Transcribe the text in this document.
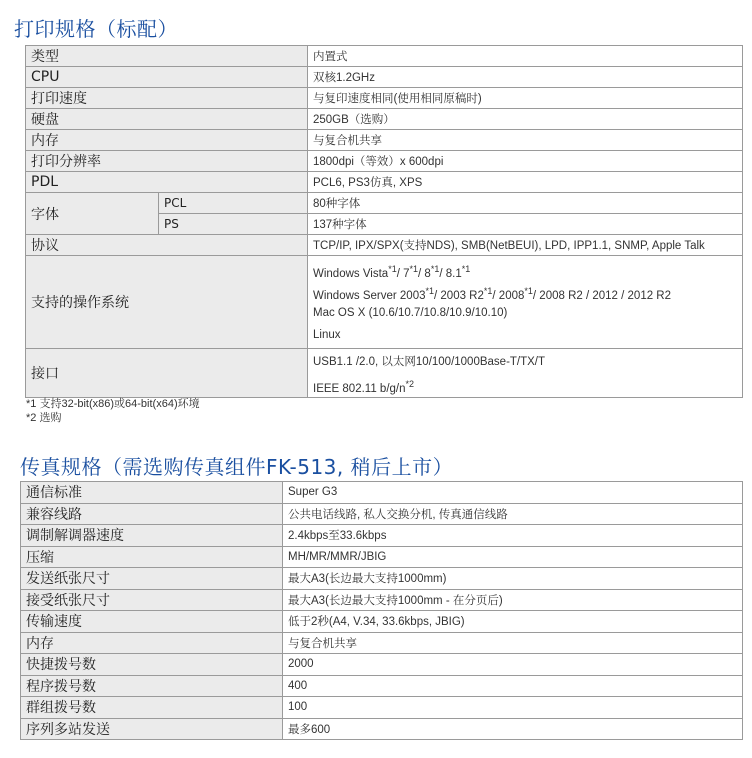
打印规格（标配）
类型		内置式
CPU		双核1.2GHz
打印速度		与复印速度相同(使用相同原稿时)
硬盘		250GB（选购）
内存		与复合机共享
打印分辨率		1800dpi（等效）x 600dpi
PDL		PCL6, PS3仿真, XPS
字体	PCL	80种字体
	PS	137种字体
协议		TCP/IP, IPX/SPX(支持NDS), SMB(NetBEUI), LPD, IPP1.1, SNMP, Apple Talk
支持的操作系统		Windows Vista$^{*1}$/ 7$^{*1}$/ 8$^{*1}$/ 8.1$^{*1}$
Windows Server 2003$^{*1}$/ 2003 R2$^{*1}$/ 2008$^{*1}$/ 2008 R2 / 2012 / 2012 R2
Mac OS X (10.6/10.7/10.8/10.9/10.10)
Linux

接口		USB1.1 /2.0, 以太网10/100/1000Base-T/TX/T
IEEE 802.11 $b/g/n^{*2}$
*1 支持32-bit(x86)或64-bit(x64)环境
*2 选购
传真规格（需选购传真组件FK-513, 稍后上市）
通信标准	Super G3
兼容线路	公共电话线路, 私人交换分机, 传真通信线路
调制解调器速度	2.4kbps至33.6kbps
压缩	MH/MR/MMR/JBIG
发送纸张尺寸	最大A3(长边最大支持1000mm)
接受纸张尺寸	最大A3(长边最大支持1000mm - 在分页后)
传输速度	低于2秒(A4, V.34, 33.6kbps, JBIG)
内存	与复合机共享
快捷拨号数	2000
程序拨号数	400
群组拨号数	100
序列多站发送	最多600
